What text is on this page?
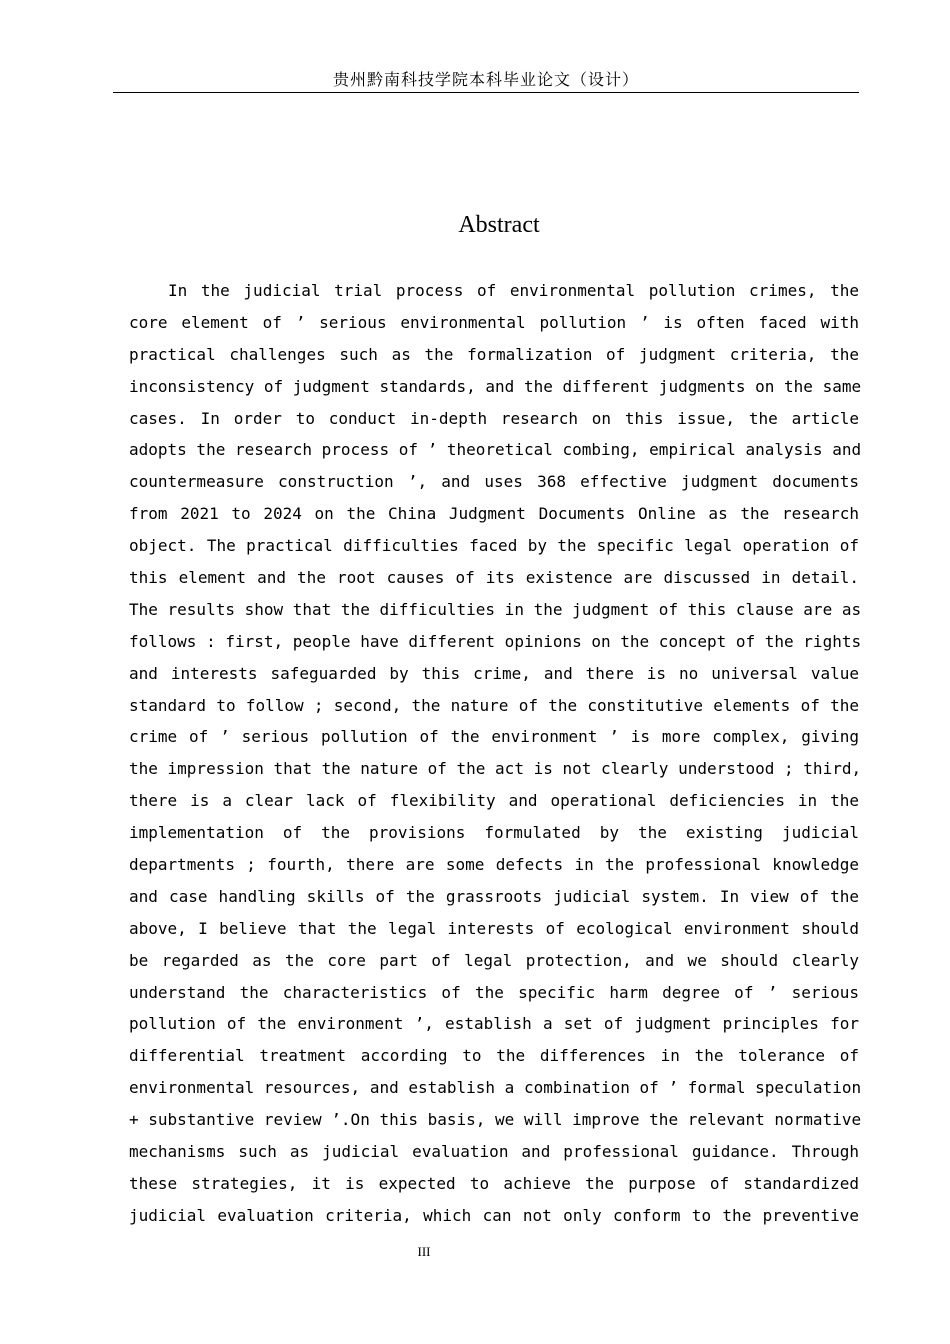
贵州黔南科技学院本科毕业论文（设计）
Abstract
In the judicial trial process of environmental pollution crimes, the
core element of ’ serious environmental pollution ’ is often faced with
practical challenges such as the formalization of judgment criteria, the
inconsistency of judgment standards, and the different judgments on the same
cases. In order to conduct in-depth research on this issue, the article
adopts the research process of ’ theoretical combing, empirical analysis and
countermeasure construction ’, and uses 368 effective judgment documents
from 2021 to 2024 on the China Judgment Documents Online as the research
object. The practical difficulties faced by the specific legal operation of
this element and the root causes of its existence are discussed in detail.
The results show that the difficulties in the judgment of this clause are as
follows : first, people have different opinions on the concept of the rights
and interests safeguarded by this crime, and there is no universal value
standard to follow ; second, the nature of the constitutive elements of the
crime of ’ serious pollution of the environment ’ is more complex, giving
the impression that the nature of the act is not clearly understood ; third,
there is a clear lack of flexibility and operational deficiencies in the
implementation of the provisions formulated by the existing judicial
departments ; fourth, there are some defects in the professional knowledge
and case handling skills of the grassroots judicial system. In view of the
above, I believe that the legal interests of ecological environment should
be regarded as the core part of legal protection, and we should clearly
understand the characteristics of the specific harm degree of ’ serious
pollution of the environment ’, establish a set of judgment principles for
differential treatment according to the differences in the tolerance of
environmental resources, and establish a combination of ’ formal speculation
+ substantive review ’.On this basis, we will improve the relevant normative
mechanisms such as judicial evaluation and professional guidance. Through
these strategies, it is expected to achieve the purpose of standardized
judicial evaluation criteria, which can not only conform to the preventive
III
